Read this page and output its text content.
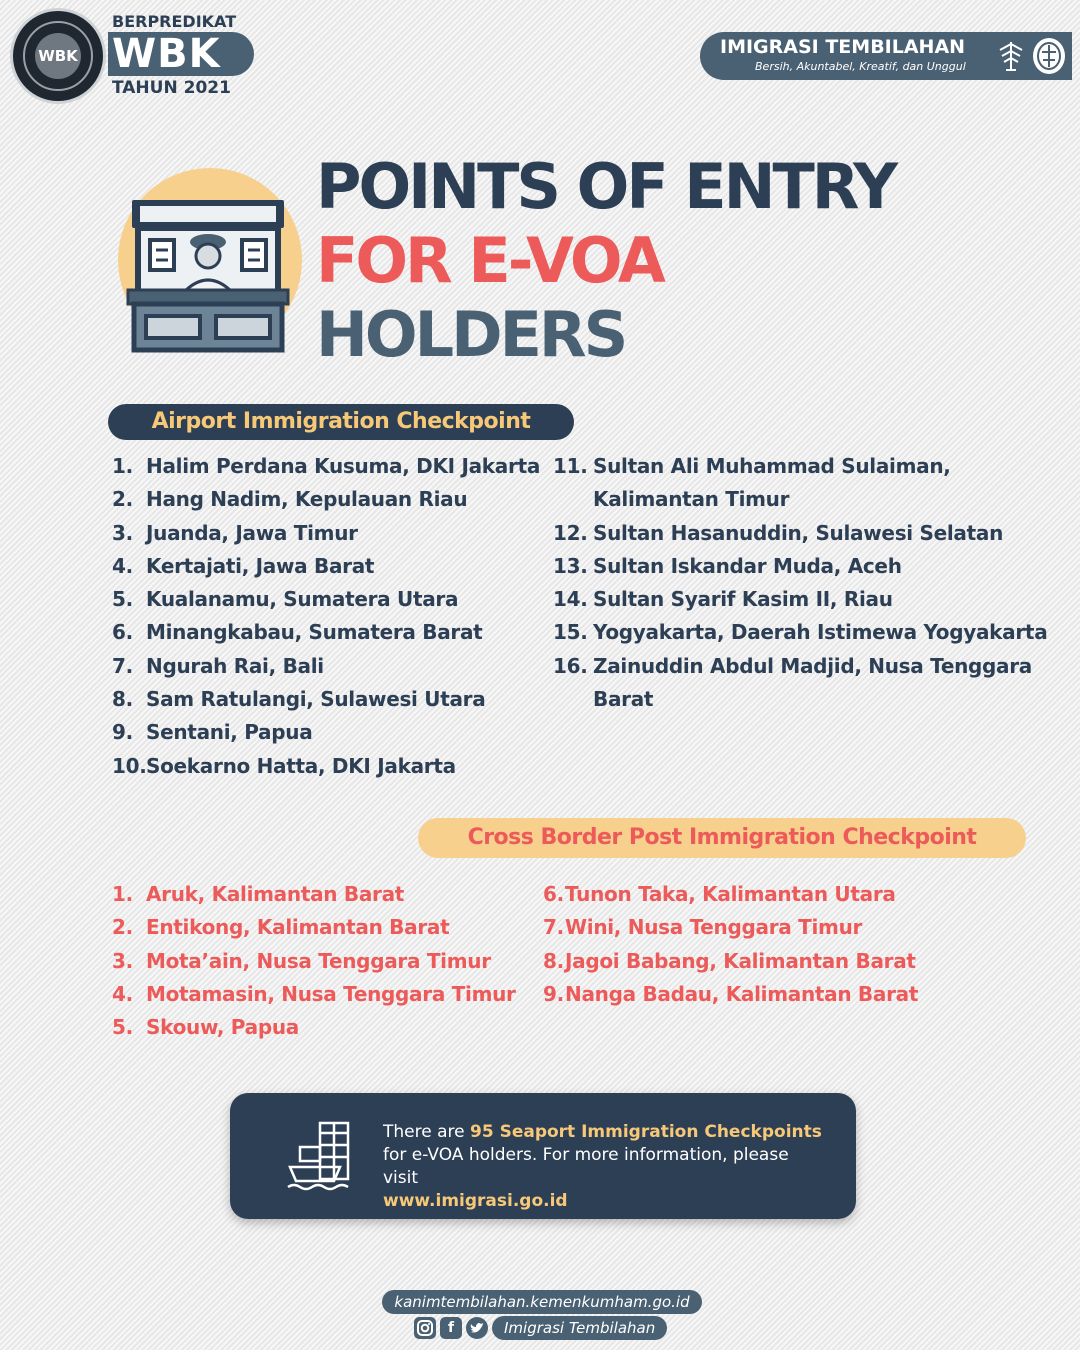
WBK
BERPREDIKAT
WBK
TAHUN 2021
IMIGRASI TEMBILAHAN
Bersih, Akuntabel, Kreatif, dan Unggul
POINTS OF ENTRY
FOR E-VOA
HOLDERS
Airport Immigration Checkpoint
1. Halim Perdana Kusuma, DKI Jakarta
2. Hang Nadim, Kepulauan Riau
3. Juanda, Jawa Timur
4. Kertajati, Jawa Barat
5. Kualanamu, Sumatera Utara
6. Minangkabau, Sumatera Barat
7. Ngurah Rai, Bali
8. Sam Ratulangi, Sulawesi Utara
9. Sentani, Papua
10. Soekarno Hatta, DKI Jakarta
11. Sultan Ali Muhammad Sulaiman, Kalimantan Timur
12. Sultan Hasanuddin, Sulawesi Selatan
13. Sultan Iskandar Muda, Aceh
14. Sultan Syarif Kasim II, Riau
15. Yogyakarta, Daerah Istimewa Yogyakarta
16. Zainuddin Abdul Madjid, Nusa Tenggara Barat
Cross Border Post Immigration Checkpoint
1. Aruk, Kalimantan Barat
2. Entikong, Kalimantan Barat
3. Mota’ain, Nusa Tenggara Timur
4. Motamasin, Nusa Tenggara Timur
5. Skouw, Papua
6. Tunon Taka, Kalimantan Utara
7. Wini, Nusa Tenggara Timur
8. Jagoi Babang, Kalimantan Barat
9. Nanga Badau, Kalimantan Barat
There are 95 Seaport Immigration Checkpoints
for e-VOA holders. For more information, please visit
www.imigrasi.go.id
kanimtembilahan.kemenkumham.go.id
f	Imigrasi Tembilahan
